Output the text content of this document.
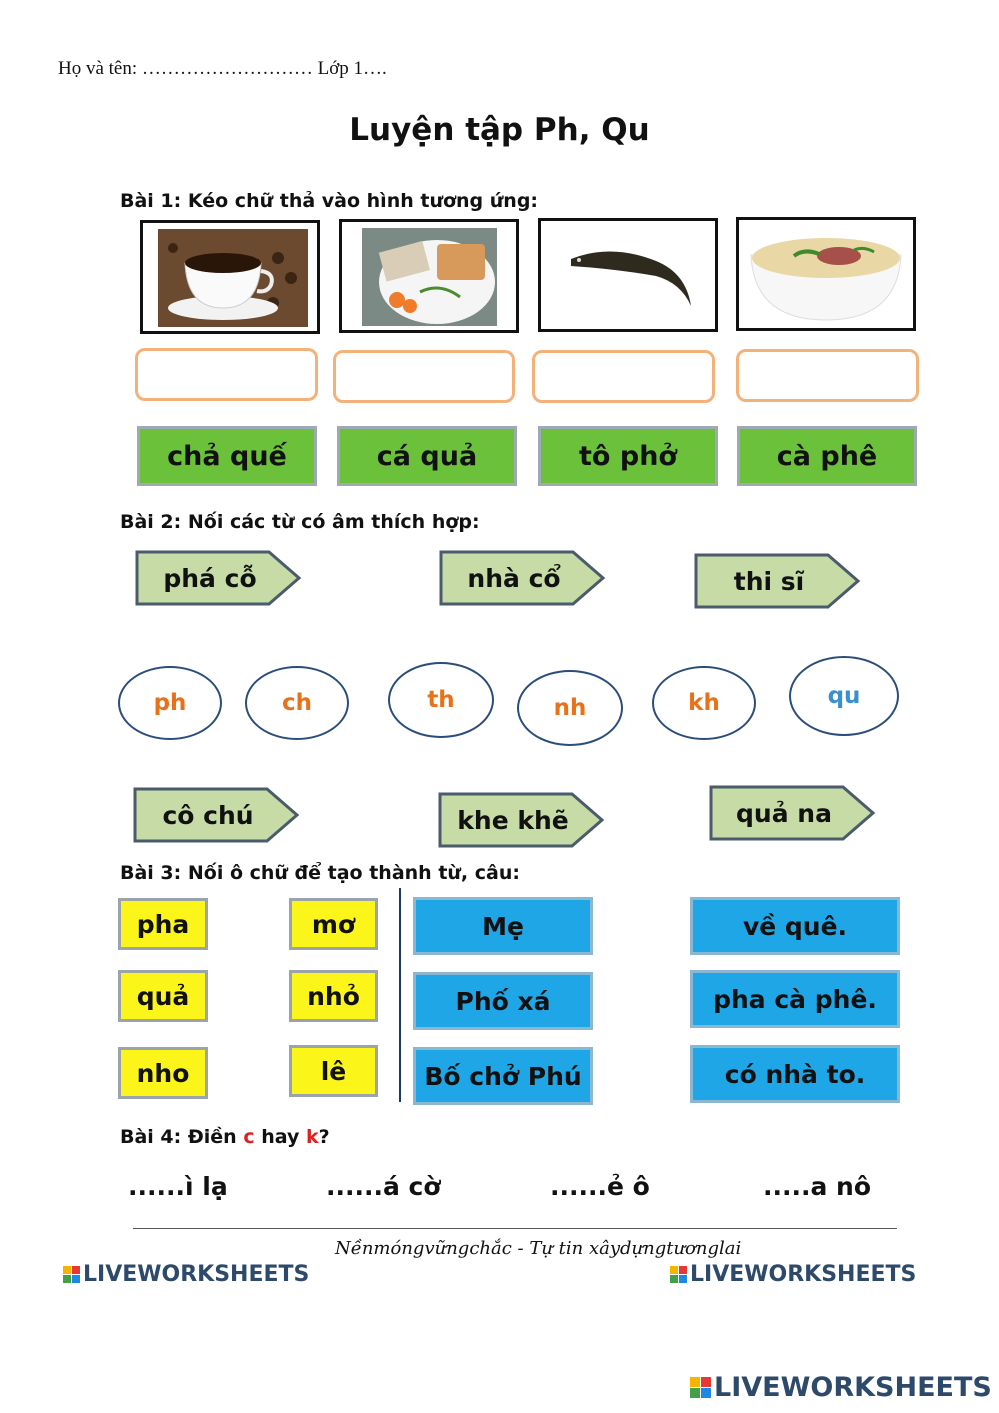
Họ và tên: ……………………… Lớp 1….
Luyện tập Ph, Qu
Bài 1: Kéo chữ thả vào hình tương ứng:
chả quế	cá quả	tô phở	cà phê
Bài 2: Nối các từ có âm thích hợp:
phá cỗ	nhà cổ	thi sĩ
ph	ch	th	nh	kh	qu
cô chú	khe khẽ	quả na
Bài 3: Nối ô chữ để tạo thành từ, câu:
pha
quả
nho
mơ
nhỏ
lê
Mẹ
Phố xá
Bố chở Phú
về quê.
pha cà phê.
có nhà to.
Bài 4: Điền c hay k?
......ì lạ	......á cờ	......ẻ ô	.....a nô
Nềnmóngvữngchắc - Tự tin xâydựngtươnglai
LIVEWORKSHEETS	LIVEWORKSHEETS
LIVEWORKSHEETS
